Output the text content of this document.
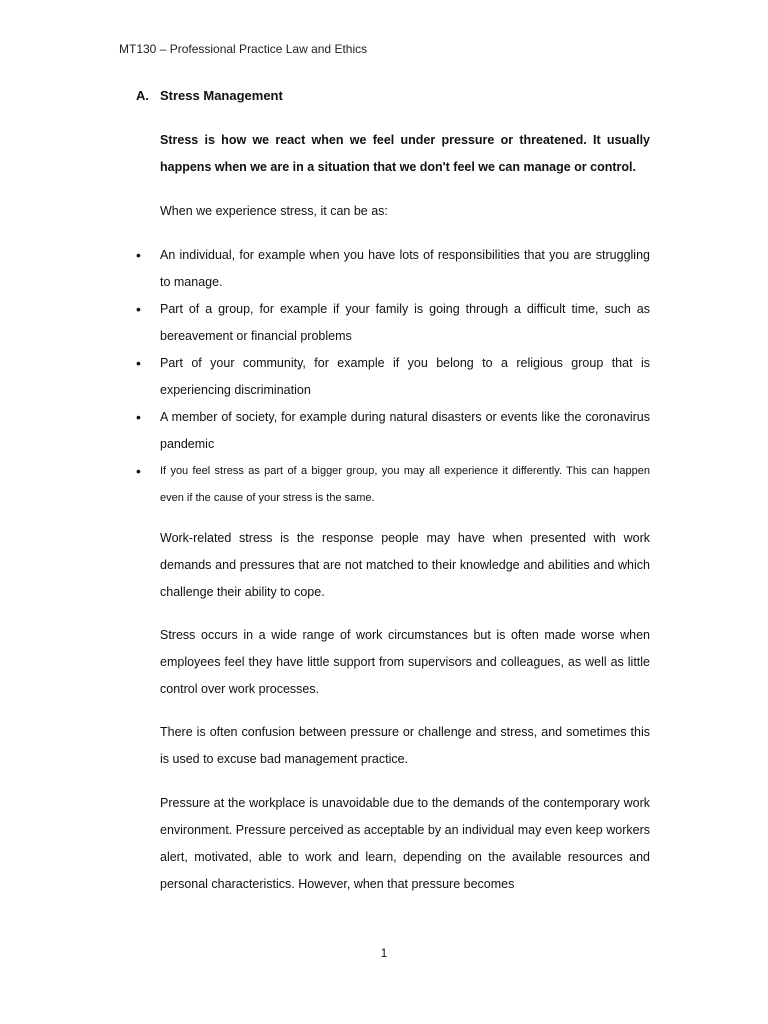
MT130 – Professional Practice Law and Ethics
A. Stress Management

Stress is how we react when we feel under pressure or threatened. It usually happens when we are in a situation that we don't feel we can manage or control.

When we experience stress, it can be as:

• An individual, for example when you have lots of responsibilities that you are struggling to manage.
• Part of a group, for example if your family is going through a difficult time, such as bereavement or financial problems
• Part of your community, for example if you belong to a religious group that is experiencing discrimination
• A member of society, for example during natural disasters or events like the coronavirus pandemic
• If you feel stress as part of a bigger group, you may all experience it differently. This can happen even if the cause of your stress is the same.

Work-related stress is the response people may have when presented with work demands and pressures that are not matched to their knowledge and abilities and which challenge their ability to cope.

Stress occurs in a wide range of work circumstances but is often made worse when employees feel they have little support from supervisors and colleagues, as well as little control over work processes.

There is often confusion between pressure or challenge and stress, and sometimes this is used to excuse bad management practice.

Pressure at the workplace is unavoidable due to the demands of the contemporary work environment. Pressure perceived as acceptable by an individual may even keep workers alert, motivated, able to work and learn, depending on the available resources and personal characteristics. However, when that pressure becomes

1
